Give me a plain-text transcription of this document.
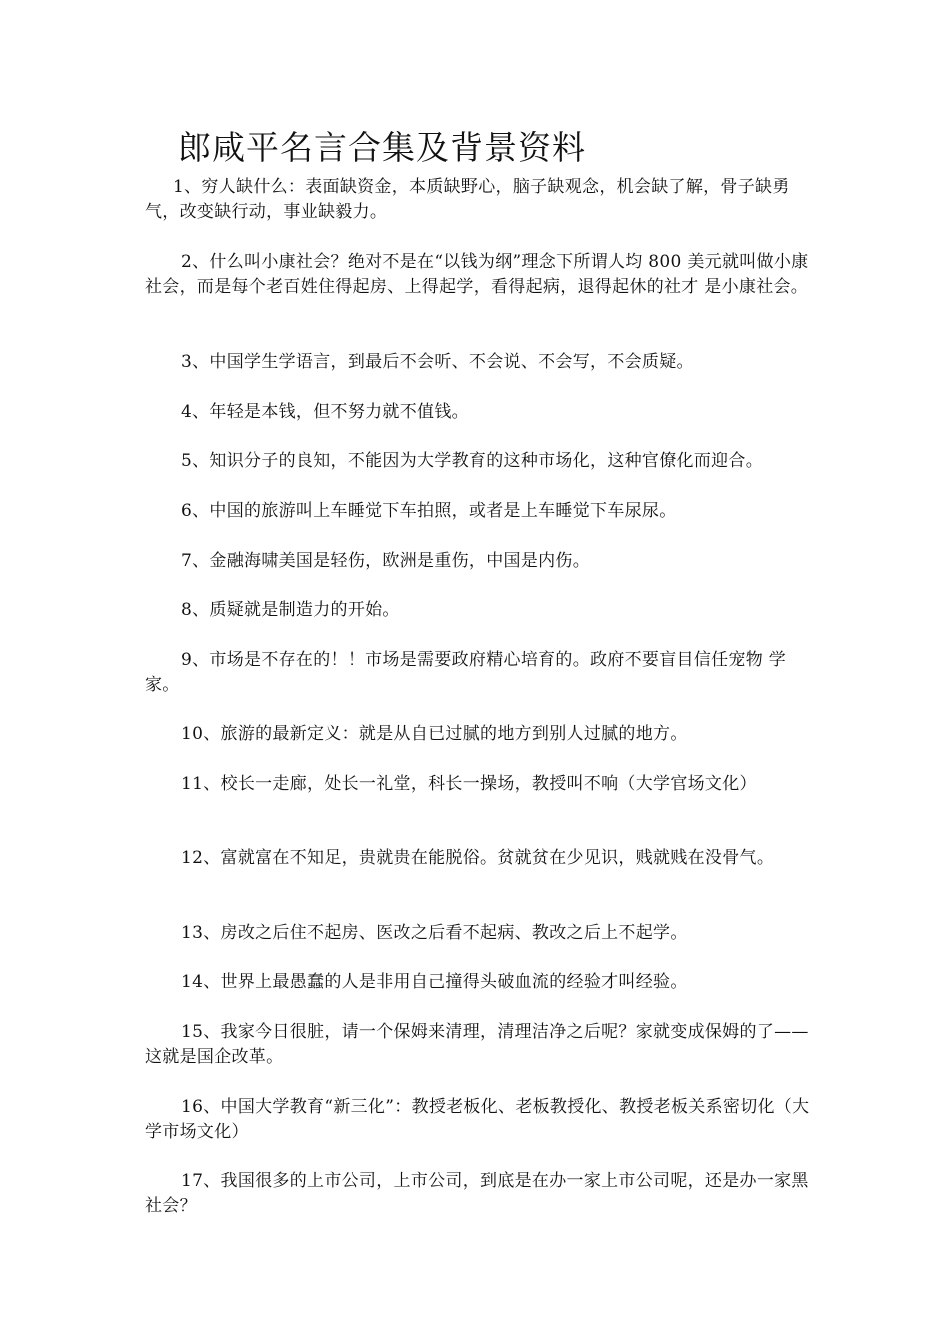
郎咸平名言合集及背景资料

1、穷人缺什么：表面缺资金，本质缺野心，脑子缺观念，机会缺了解，骨子缺勇气，改变缺行动，事业缺毅力。

2、什么叫小康社会？绝对不是在“以钱为纲”理念下所谓人均 800 美元就叫做小康社会，而是每个老百姓住得起房、上得起学，看得起病，退得起休的社才 是小康社会。

3、中国学生学语言，到最后不会听、不会说、不会写，不会质疑。

4、年轻是本钱，但不努力就不值钱。

5、知识分子的良知，不能因为大学教育的这种市场化，这种官僚化而迎合。

6、中国的旅游叫上车睡觉下车拍照，或者是上车睡觉下车尿尿。

7、金融海啸美国是轻伤，欧洲是重伤，中国是内伤。

8、质疑就是制造力的开始。

9、市场是不存在的！！市场是需要政府精心培育的。政府不要盲目信任宠物 学家。

10、旅游的最新定义：就是从自已过腻的地方到别人过腻的地方。

11、校长一走廊，处长一礼堂，科长一操场，教授叫不响（大学官场文化）

12、富就富在不知足，贵就贵在能脱俗。贫就贫在少见识，贱就贱在没骨气。

13、房改之后住不起房、医改之后看不起病、教改之后上不起学。

14、世界上最愚蠢的人是非用自己撞得头破血流的经验才叫经验。

15、我家今日很脏，请一个保姆来清理，清理洁净之后呢？家就变成保姆的了——这就是国企改革。

16、中国大学教育“新三化”：教授老板化、老板教授化、教授老板关系密切化（大学市场文化）

17、我国很多的上市公司，上市公司，到底是在办一家上市公司呢，还是办一家黑社会？
